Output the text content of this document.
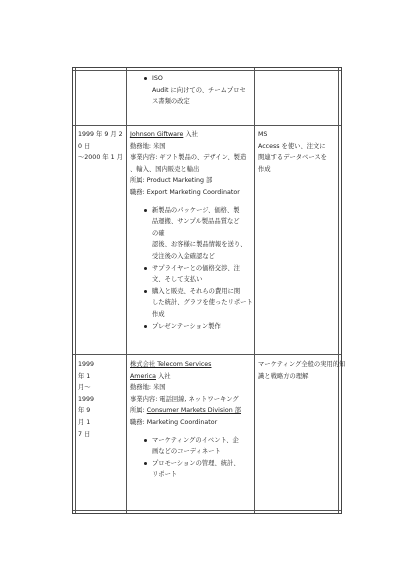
ISO

Audit に向けての、チームプロセ

ス書類の改定

1999 年 9 月 2

0 日

～2000 年 1 月

Johnson Giftware 入社

勤務地: 米国

事業内容: ギフト製品の、デザイン、製造

、輸入、国内販売と輸出

所属: Product Marketing 部

職務: Export Marketing Coordinator

新製品のパッケージ、価格、製

品運搬、サンプル製品品質など

の確

認後、お客様に製品情報を送り、

受注後の入金確認など

サプライヤーとの価格交渉、注

文、そして支払い

購入と販売、それらの費用に関

した統計、グラフを使ったリポート

作成

プレゼンテーション製作

MS

Access を使い、注文に

関連するデータベースを

作成

1999

年 1

月～

1999

年 9

月 1

7 日

株式会社 Telecom Services

America 入社

勤務地: 米国

事業内容: 電話回線, ネットワーキング

所属: Consumer Markets Division 部

職務: Marketing Coordinator

マーケティングのイベント、企

画などのコーディネート

プロモーションの管理、統計、

リポート

マーケティング全般の実用的知

識と戦略方の理解
